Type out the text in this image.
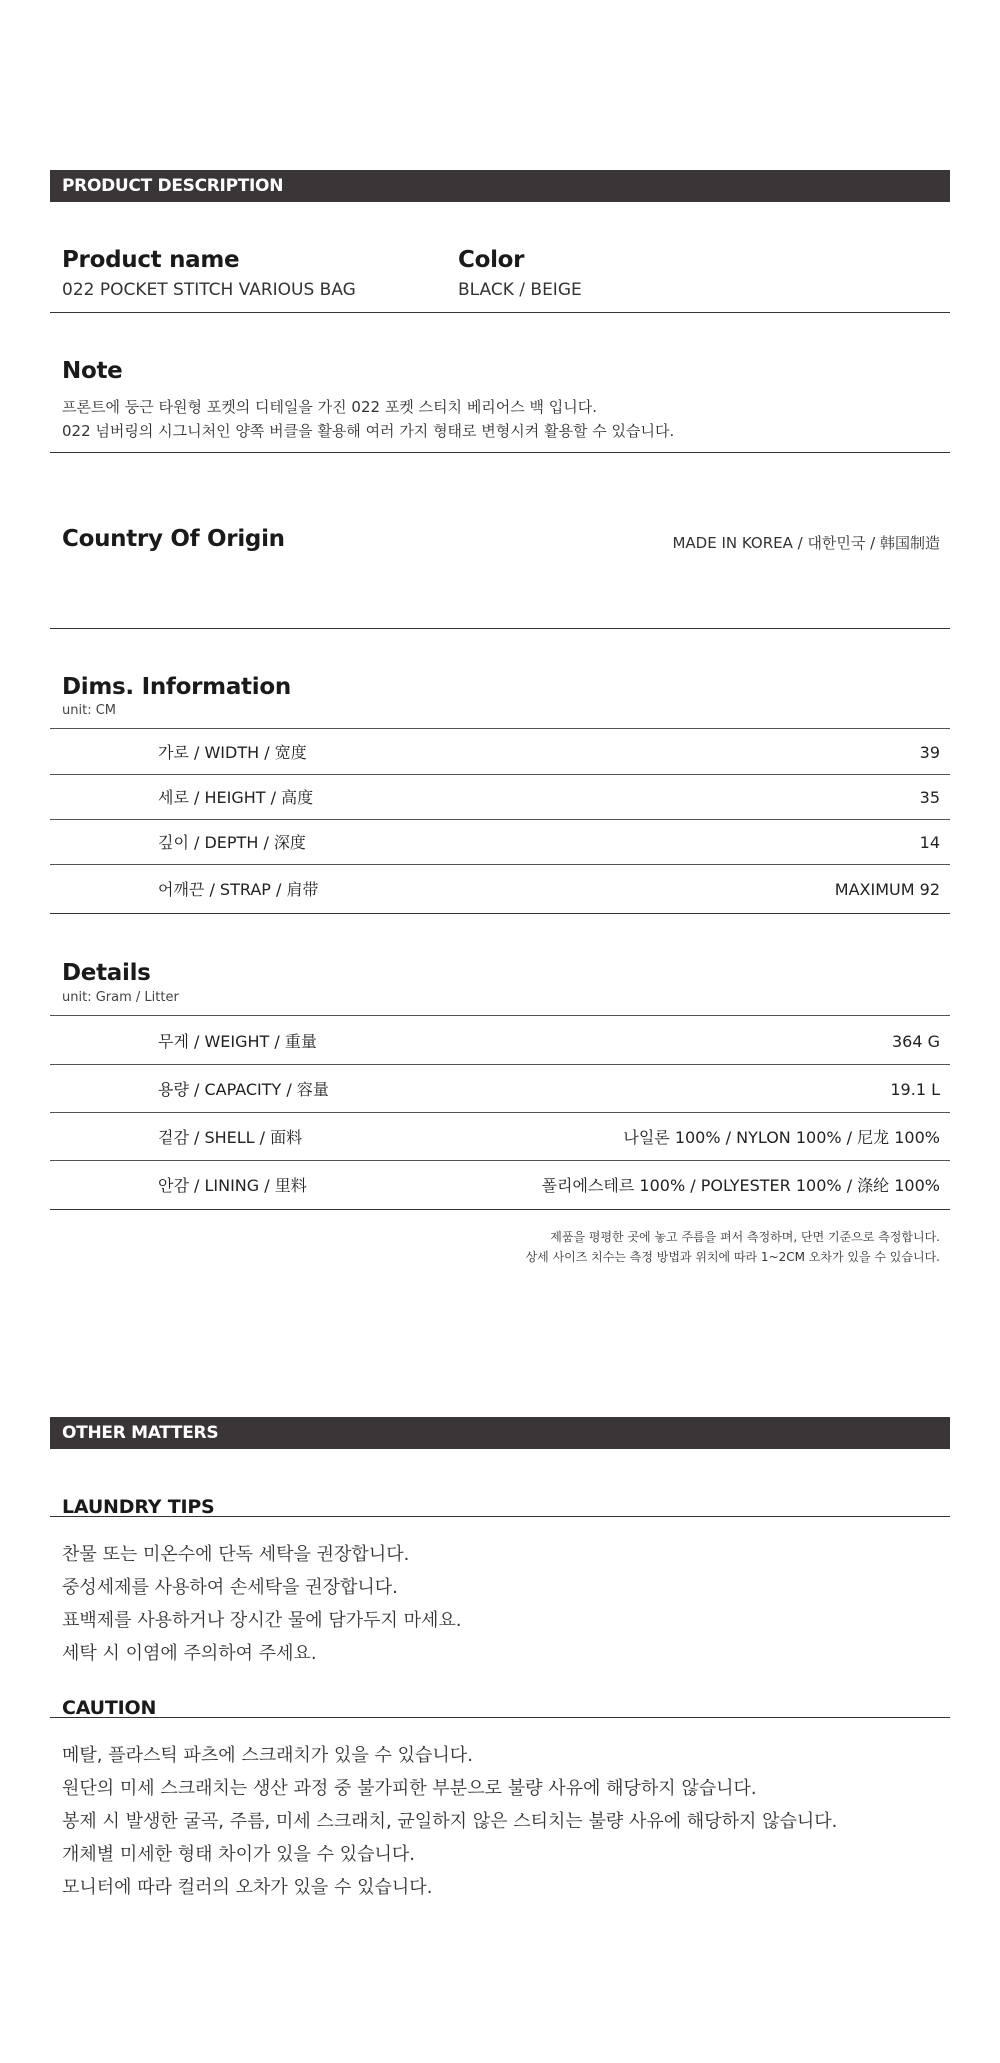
PRODUCT DESCRIPTION
Product name
022 POCKET STITCH VARIOUS BAG
Color
BLACK / BEIGE
Note
프론트에 둥근 타원형 포켓의 디테일을 가진 022 포켓 스티치 베리어스 백 입니다.
022 넘버링의 시그니처인 양쪽 버클을 활용해 여러 가지 형태로 변형시켜 활용할 수 있습니다.
Country Of Origin	MADE IN KOREA / 대한민국 / 韩国制造
Dims. Information
unit: CM
가로 / WIDTH / 宽度	39
세로 / HEIGHT / 高度	35
깊이 / DEPTH / 深度	14
어깨끈 / STRAP / 肩带	MAXIMUM 92
Details
unit: Gram / Litter
무게 / WEIGHT / 重量	364 G
용량 / CAPACITY / 容量	19.1 L
겉감 / SHELL / 面料	나일론 100% / NYLON 100% / 尼龙 100%
안감 / LINING / 里料	폴리에스테르 100% / POLYESTER 100% / 涤纶 100%
제품을 평평한 곳에 놓고 주름을 펴서 측정하며, 단면 기준으로 측정합니다.
상세 사이즈 치수는 측정 방법과 위치에 따라 1~2CM 오차가 있을 수 있습니다.
OTHER MATTERS
LAUNDRY TIPS
찬물 또는 미온수에 단독 세탁을 권장합니다.
중성세제를 사용하여 손세탁을 권장합니다.
표백제를 사용하거나 장시간 물에 담가두지 마세요.
세탁 시 이염에 주의하여 주세요.
CAUTION
메탈, 플라스틱 파츠에 스크래치가 있을 수 있습니다.
원단의 미세 스크래치는 생산 과정 중 불가피한 부분으로 불량 사유에 해당하지 않습니다.
봉제 시 발생한 굴곡, 주름, 미세 스크래치, 균일하지 않은 스티치는 불량 사유에 해당하지 않습니다.
개체별 미세한 형태 차이가 있을 수 있습니다.
모니터에 따라 컬러의 오차가 있을 수 있습니다.
